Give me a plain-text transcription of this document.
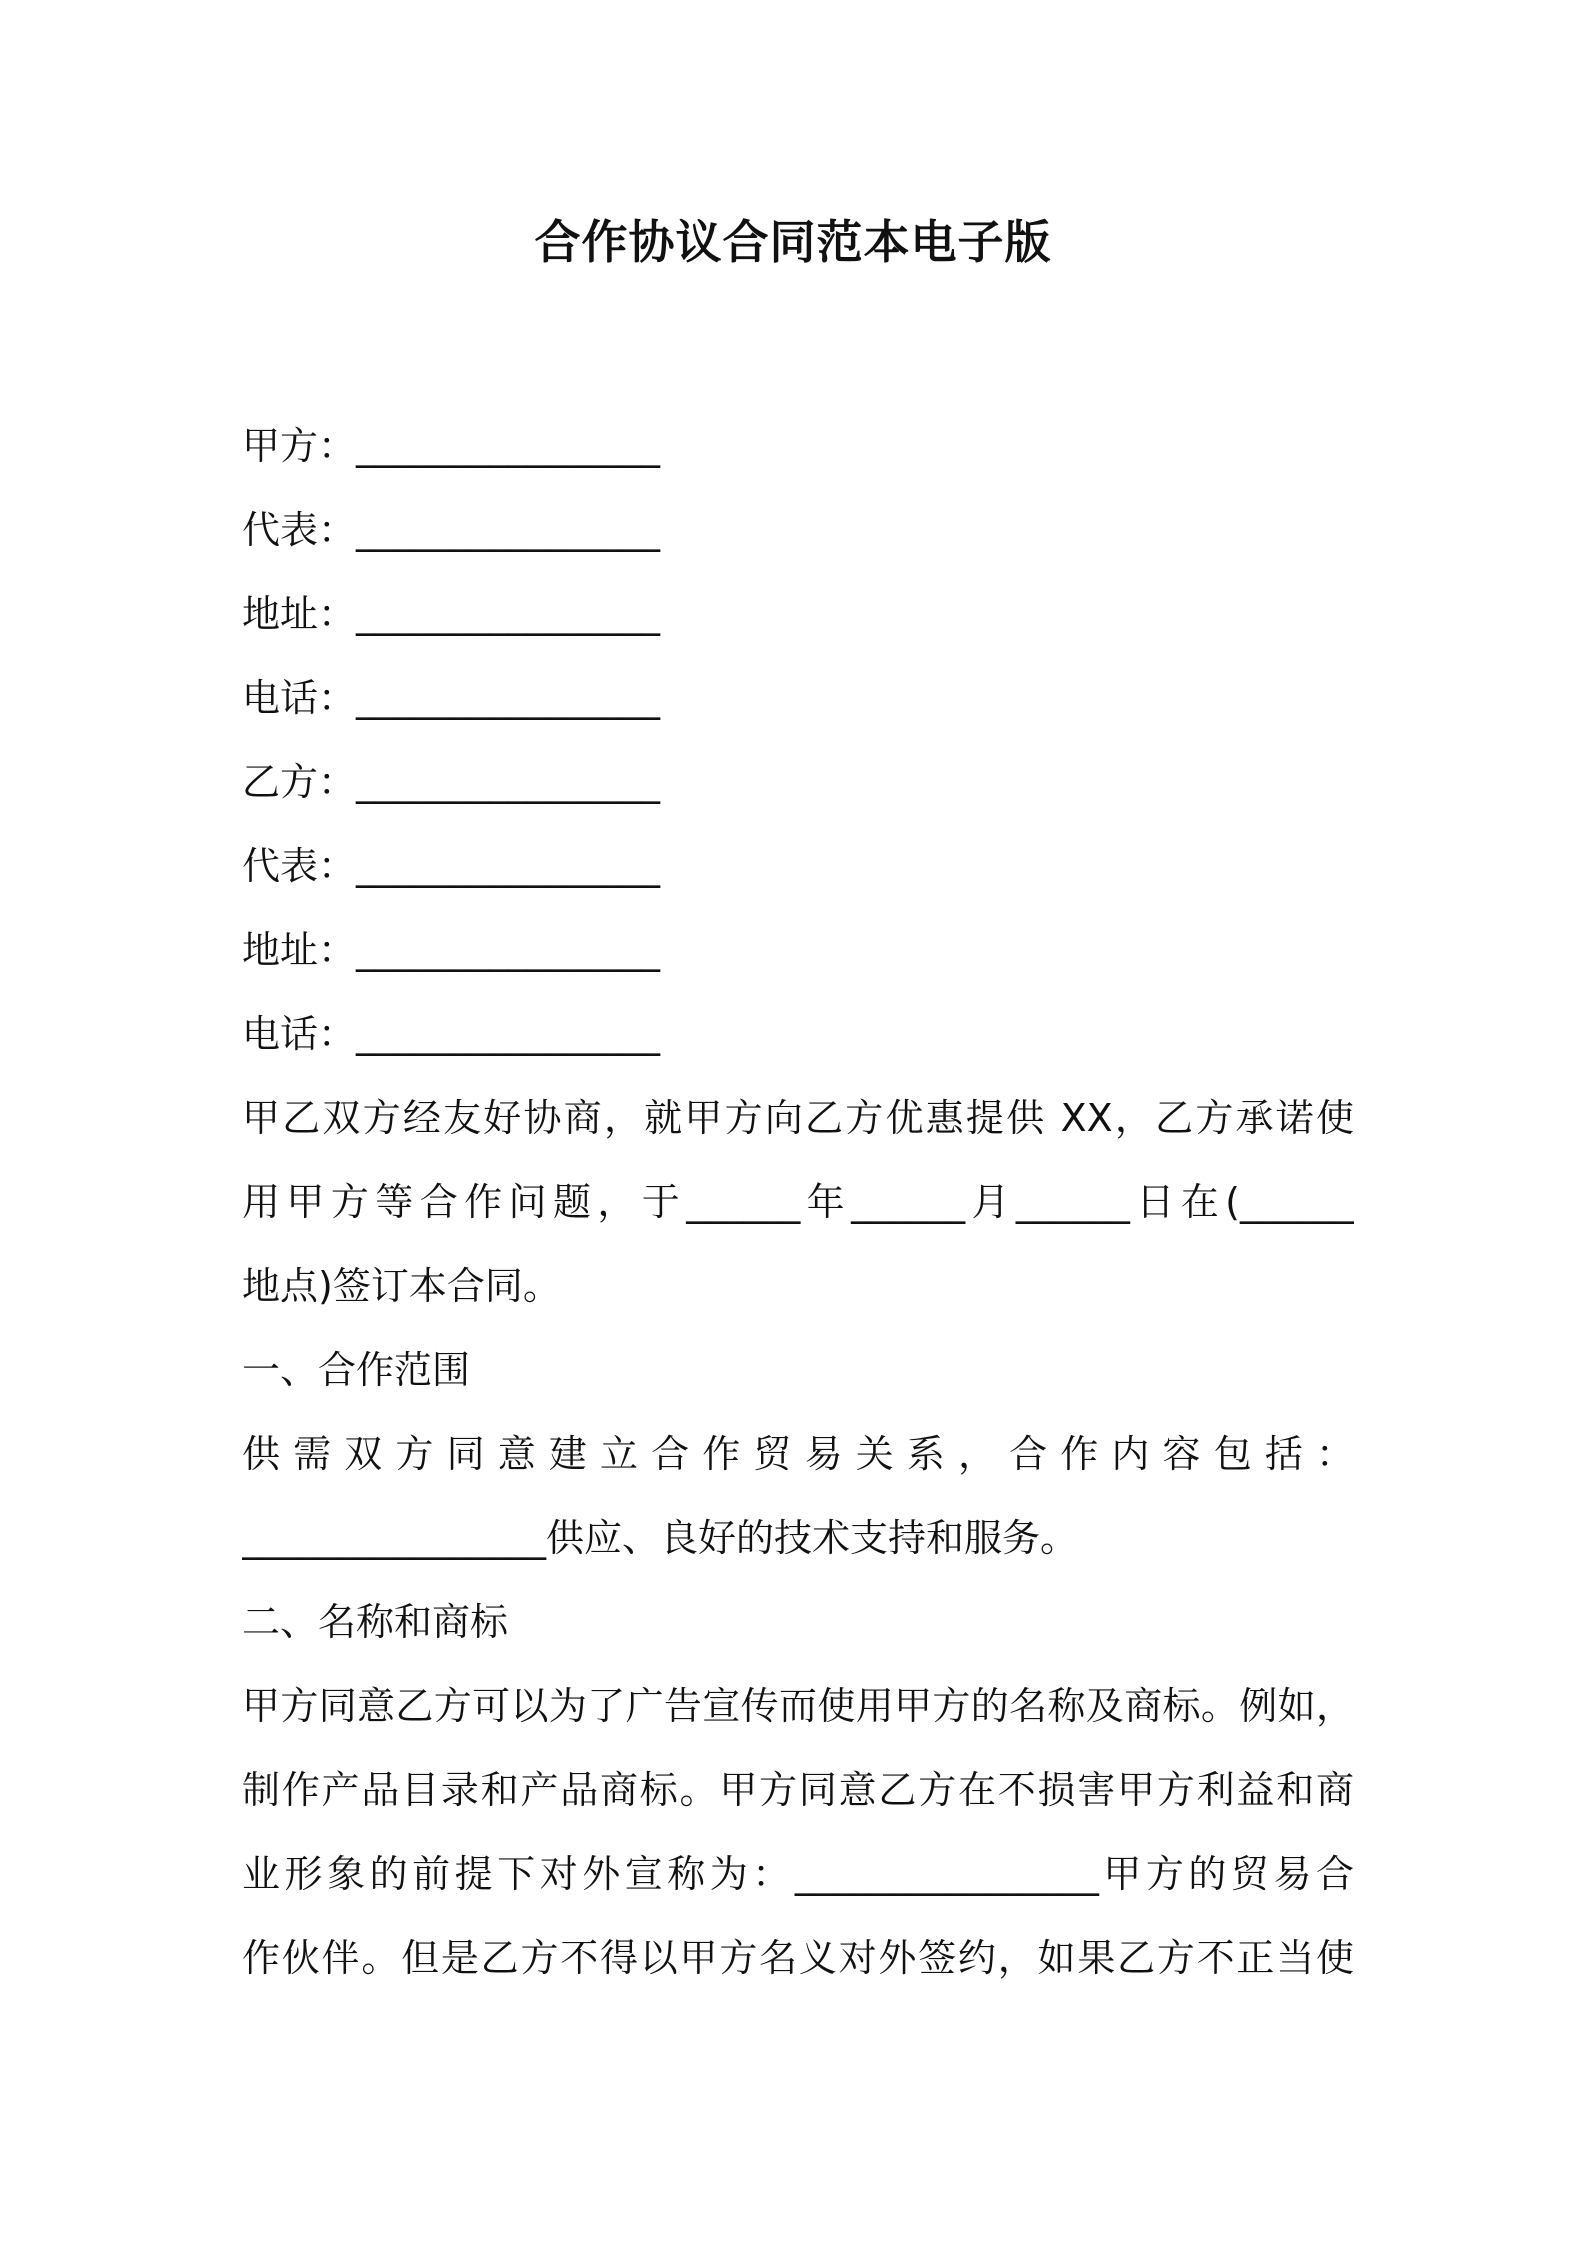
合作协议合同范本电子版
甲方：________________
代表：________________
地址：________________
电话：________________
乙方：________________
代表：________________
地址：________________
电话：________________
甲乙双方经友好协商，就甲方向乙方优惠提供 XX，乙方承诺使
用甲方等合作问题，于______年______月______日在(______
地点)签订本合同。
一、合作范围
供需双方同意建立合作贸易关系，合作内容包括：
________________供应、良好的技术支持和服务。
二、名称和商标
甲方同意乙方可以为了广告宣传而使用甲方的名称及商标。例如，
制作产品目录和产品商标。甲方同意乙方在不损害甲方利益和商
业形象的前提下对外宣称为：________________甲方的贸易合
作伙伴。但是乙方不得以甲方名义对外签约，如果乙方不正当使
